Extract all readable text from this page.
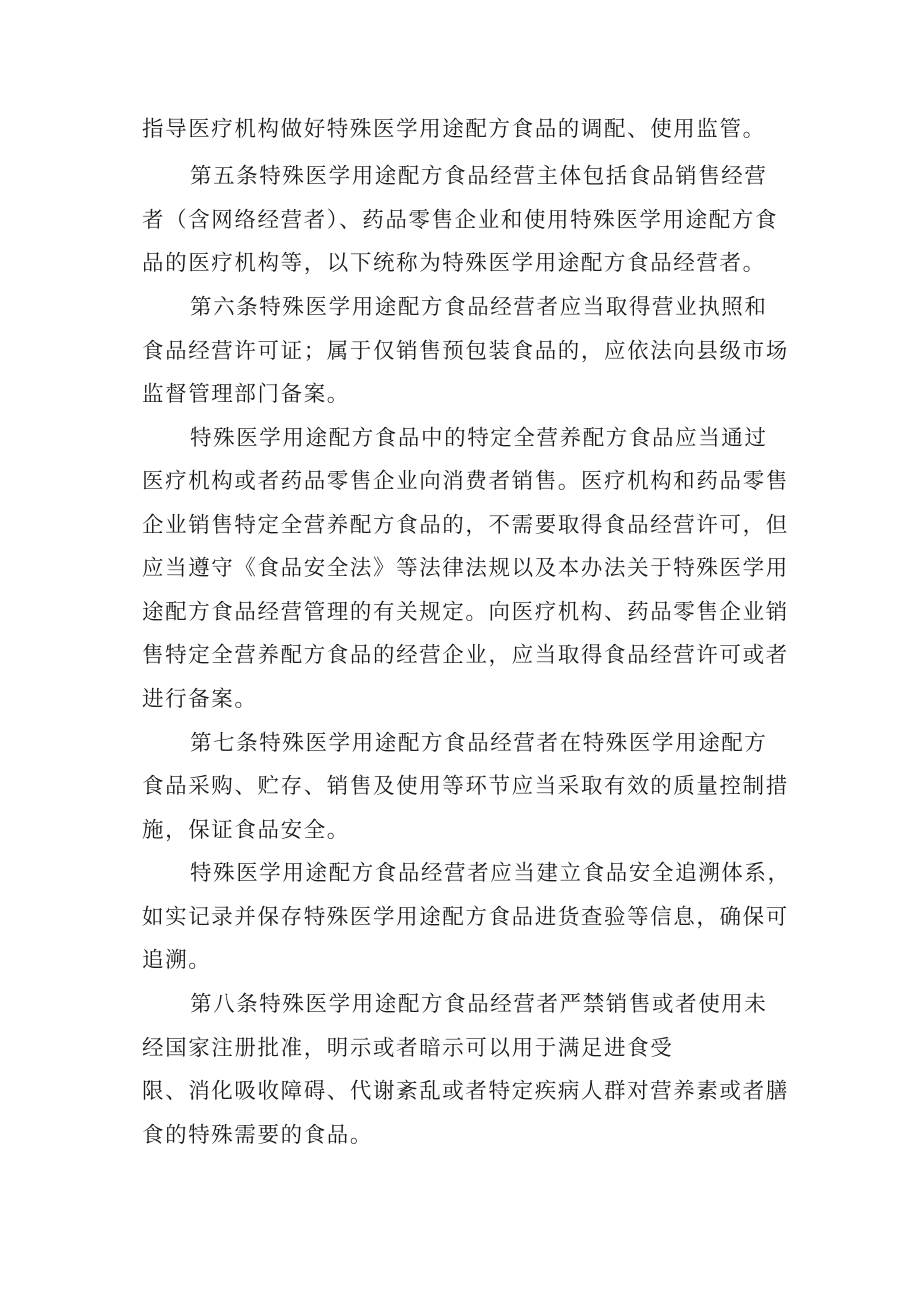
指导医疗机构做好特殊医学用途配方食品的调配、使用监管。
第五条特殊医学用途配方食品经营主体包括食品销售经营
者（含网络经营者）、药品零售企业和使用特殊医学用途配方食
品的医疗机构等，以下统称为特殊医学用途配方食品经营者。
第六条特殊医学用途配方食品经营者应当取得营业执照和
食品经营许可证；属于仅销售预包装食品的，应依法向县级市场
监督管理部门备案。
特殊医学用途配方食品中的特定全营养配方食品应当通过
医疗机构或者药品零售企业向消费者销售。医疗机构和药品零售
企业销售特定全营养配方食品的，不需要取得食品经营许可，但
应当遵守《食品安全法》等法律法规以及本办法关于特殊医学用
途配方食品经营管理的有关规定。向医疗机构、药品零售企业销
售特定全营养配方食品的经营企业，应当取得食品经营许可或者
进行备案。
第七条特殊医学用途配方食品经营者在特殊医学用途配方
食品采购、贮存、销售及使用等环节应当采取有效的质量控制措
施，保证食品安全。
特殊医学用途配方食品经营者应当建立食品安全追溯体系，
如实记录并保存特殊医学用途配方食品进货查验等信息，确保可
追溯。
第八条特殊医学用途配方食品经营者严禁销售或者使用未
经国家注册批准，明示或者暗示可以用于满足进食受
限、消化吸收障碍、代谢紊乱或者特定疾病人群对营养素或者膳
食的特殊需要的食品。
